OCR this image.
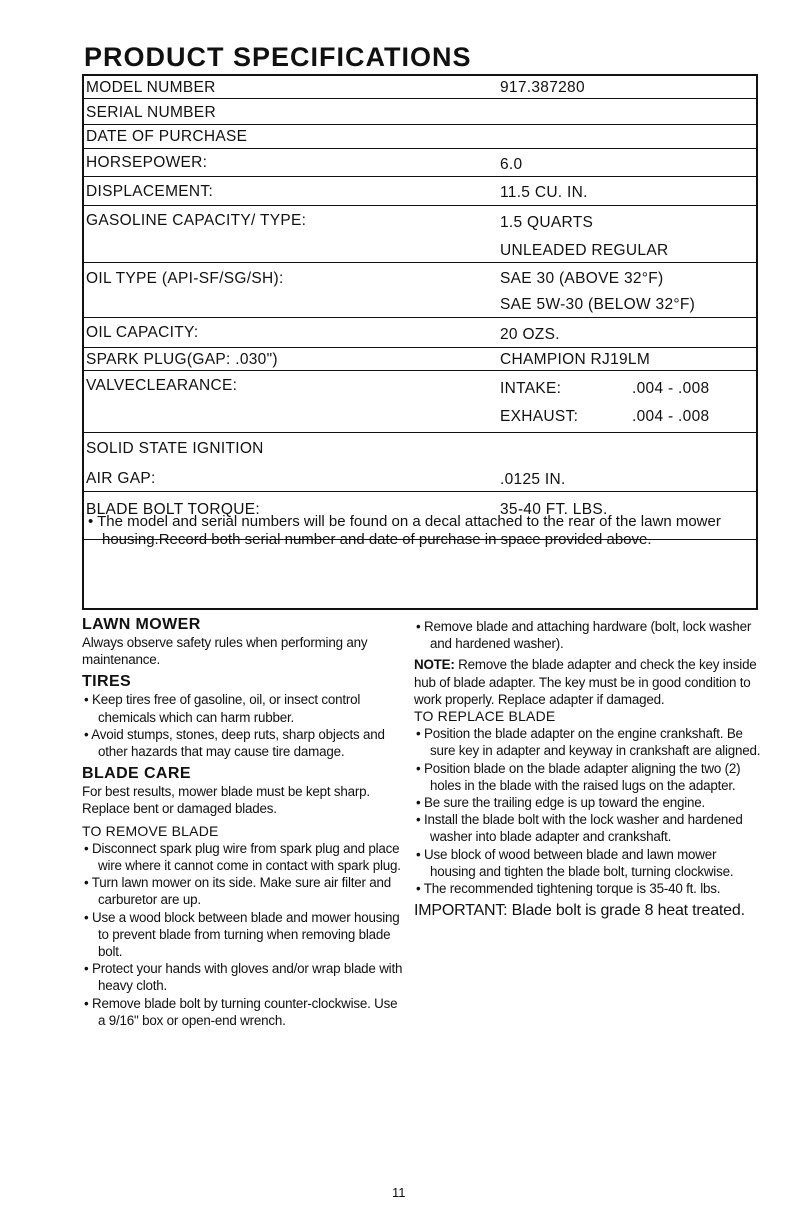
PRODUCT SPECIFICATIONS
MODEL NUMBER	917.387280
SERIAL NUMBER
DATE OF PURCHASE
HORSEPOWER:	6.0
DISPLACEMENT:	11.5 CU. IN.
GASOLINE CAPACITY/ TYPE:	1.5 QUARTS
UNLEADED REGULAR
OIL TYPE (API-SF/SG/SH):	SAE 30 (ABOVE 32°F)
SAE 5W-30 (BELOW 32°F)
OIL CAPACITY:	20 OZS.
SPARK PLUG(GAP: .030")	CHAMPION RJ19LM
VALVECLEARANCE:	INTAKE:	.004 - .008
EXHAUST:	.004 - .008
SOLID STATE IGNITION
AIR GAP:	.0125 IN.
BLADE BOLT TORQUE:	35-40 FT. LBS.
• The model and serial numbers will be found on a decal attached to the rear of the lawn mower housing.Record both serial number and date of purchase in space provided above.
LAWN MOWER

Always observe safety rules when performing any maintenance.

TIRES

• Keep tires free of gasoline, oil, or insect control chemicals which can harm rubber.

• Avoid stumps, stones, deep ruts, sharp objects and other hazards that may cause tire damage.

BLADE CARE

For best results, mower blade must be kept sharp. Replace bent or damaged blades.

TO REMOVE BLADE

• Disconnect spark plug wire from spark plug and place wire where it cannot come in contact with spark plug.

• Turn lawn mower on its side. Make sure air filter and carburetor are up.

• Use a wood block between blade and mower housing to prevent blade from turning when removing blade bolt.

• Protect your hands with gloves and/or wrap blade with heavy cloth.

• Remove blade bolt by turning counter-clockwise. Use a 9/16" box or open-end wrench.

• Remove blade and attaching hardware (bolt, lock washer and hardened washer).

NOTE: Remove the blade adapter and check the key inside hub of blade adapter. The key must be in good condition to work properly. Replace adapter if damaged.

TO REPLACE BLADE

• Position the blade adapter on the engine crankshaft. Be sure key in adapter and keyway in crankshaft are aligned.

• Position blade on the blade adapter aligning the two (2) holes in the blade with the raised lugs on the adapter.

• Be sure the trailing edge is up toward the engine.

• Install the blade bolt with the lock washer and hardened washer into blade adapter and crankshaft.

• Use block of wood between blade and lawn mower housing and tighten the blade bolt, turning clockwise.

• The recommended tightening torque is 35-40 ft. lbs.

IMPORTANT: Blade bolt is grade 8 heat treated.

11
